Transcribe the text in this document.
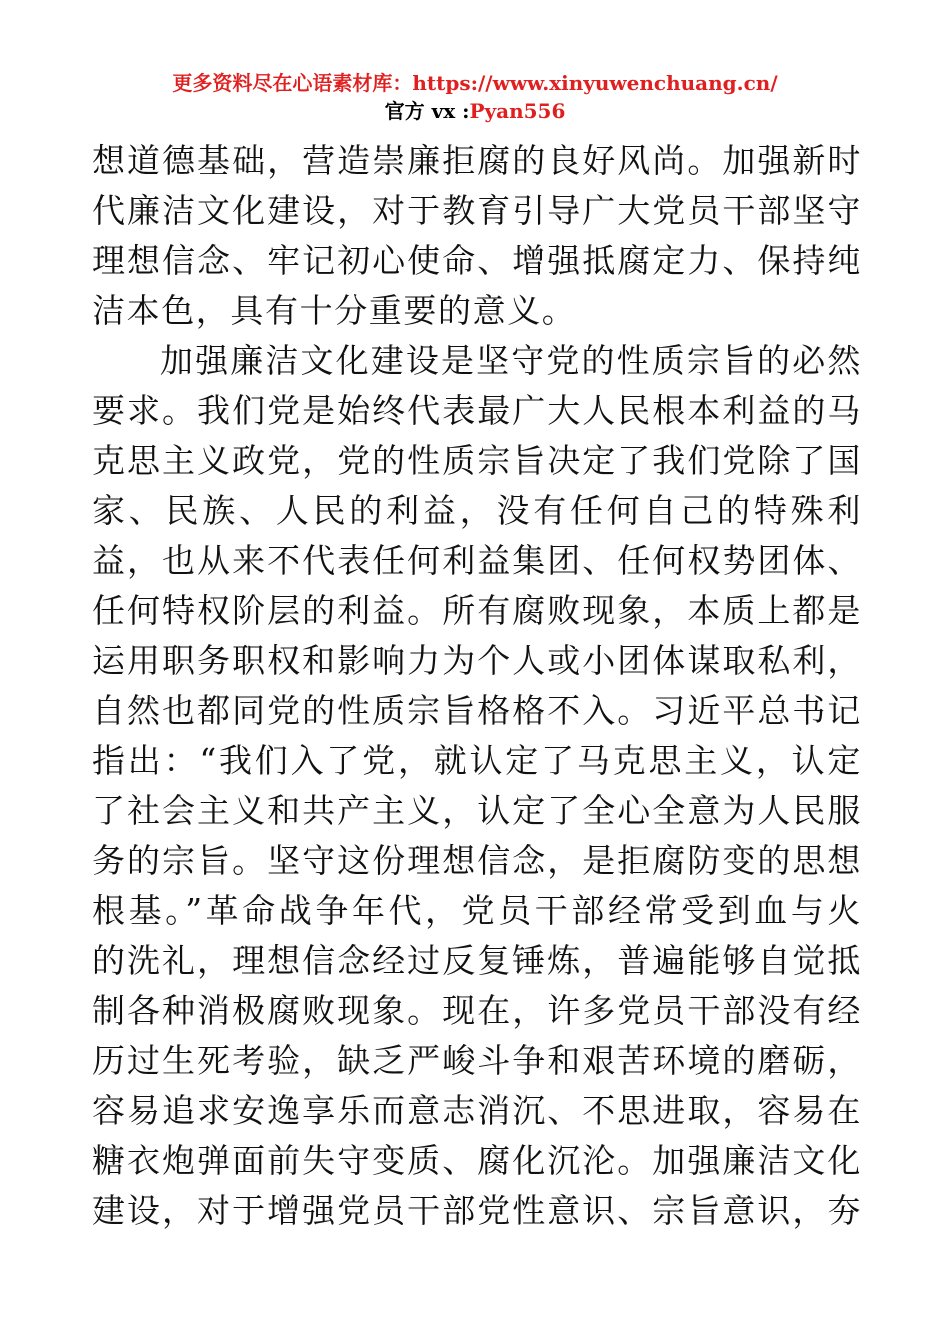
更多资料尽在心语素材库：https://www.xinyuwenchuang.cn/
官方 vx :Pyan556
想道德基础，营造崇廉拒腐的良好风尚。加强新时
代廉洁文化建设，对于教育引导广大党员干部坚守
理想信念、牢记初心使命、增强抵腐定力、保持纯
洁本色，具有十分重要的意义。
加强廉洁文化建设是坚守党的性质宗旨的必然
要求。我们党是始终代表最广大人民根本利益的马
克思主义政党，党的性质宗旨决定了我们党除了国
家、民族、人民的利益，没有任何自己的特殊利
益，也从来不代表任何利益集团、任何权势团体、
任何特权阶层的利益。所有腐败现象，本质上都是
运用职务职权和影响力为个人或小团体谋取私利，
自然也都同党的性质宗旨格格不入。习近平总书记
指出：“我们入了党，就认定了马克思主义，认定
了社会主义和共产主义，认定了全心全意为人民服
务的宗旨。坚守这份理想信念，是拒腐防变的思想
根基。”革命战争年代，党员干部经常受到血与火
的洗礼，理想信念经过反复锤炼，普遍能够自觉抵
制各种消极腐败现象。现在，许多党员干部没有经
历过生死考验，缺乏严峻斗争和艰苦环境的磨砺，
容易追求安逸享乐而意志消沉、不思进取，容易在
糖衣炮弹面前失守变质、腐化沉沦。加强廉洁文化
建设，对于增强党员干部党性意识、宗旨意识，夯
